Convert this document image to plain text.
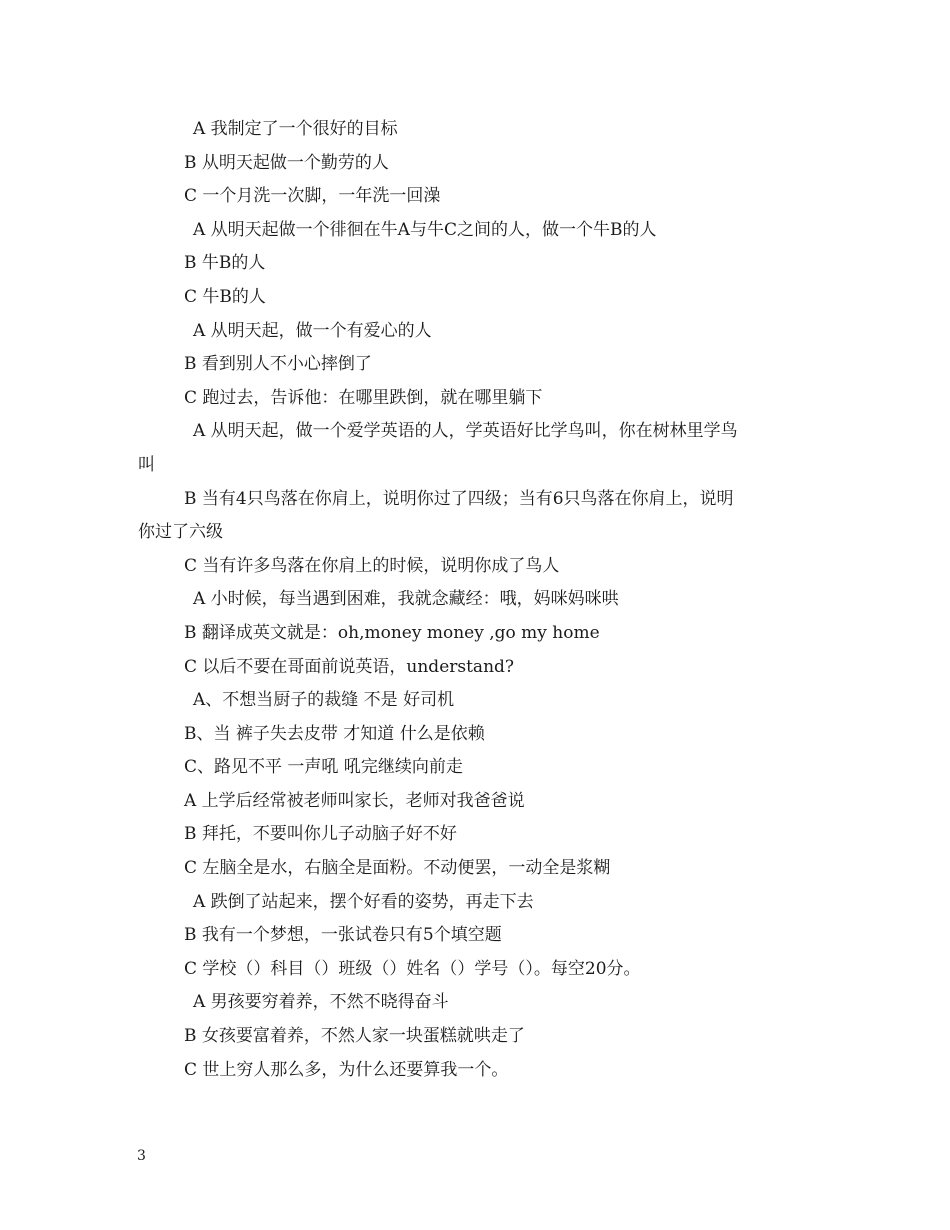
A 我制定了一个很好的目标
B 从明天起做一个勤劳的人
C 一个月洗一次脚，一年洗一回澡
A 从明天起做一个徘徊在牛A与牛C之间的人，做一个牛B的人
B 牛B的人
C 牛B的人
A 从明天起，做一个有爱心的人
B 看到别人不小心摔倒了
C 跑过去，告诉他：在哪里跌倒，就在哪里躺下
A 从明天起，做一个爱学英语的人，学英语好比学鸟叫，你在树林里学鸟
叫
B 当有4只鸟落在你肩上，说明你过了四级；当有6只鸟落在你肩上，说明
你过了六级
C 当有许多鸟落在你肩上的时候，说明你成了鸟人
A 小时候，每当遇到困难，我就念藏经：哦，妈咪妈咪哄
B 翻译成英文就是：oh,money money ,go my home
C 以后不要在哥面前说英语，understand?
A、不想当厨子的裁缝 不是 好司机
B、当 裤子失去皮带 才知道 什么是依赖
C、路见不平 一声吼 吼完继续向前走
A 上学后经常被老师叫家长，老师对我爸爸说
B 拜托，不要叫你儿子动脑子好不好
C 左脑全是水，右脑全是面粉。不动便罢，一动全是浆糊
A 跌倒了站起来，摆个好看的姿势，再走下去
B 我有一个梦想，一张试卷只有5个填空题
C 学校（）科目（）班级（）姓名（）学号（）。每空20分。
A 男孩要穷着养，不然不晓得奋斗
B 女孩要富着养，不然人家一块蛋糕就哄走了
C 世上穷人那么多，为什么还要算我一个。
3
